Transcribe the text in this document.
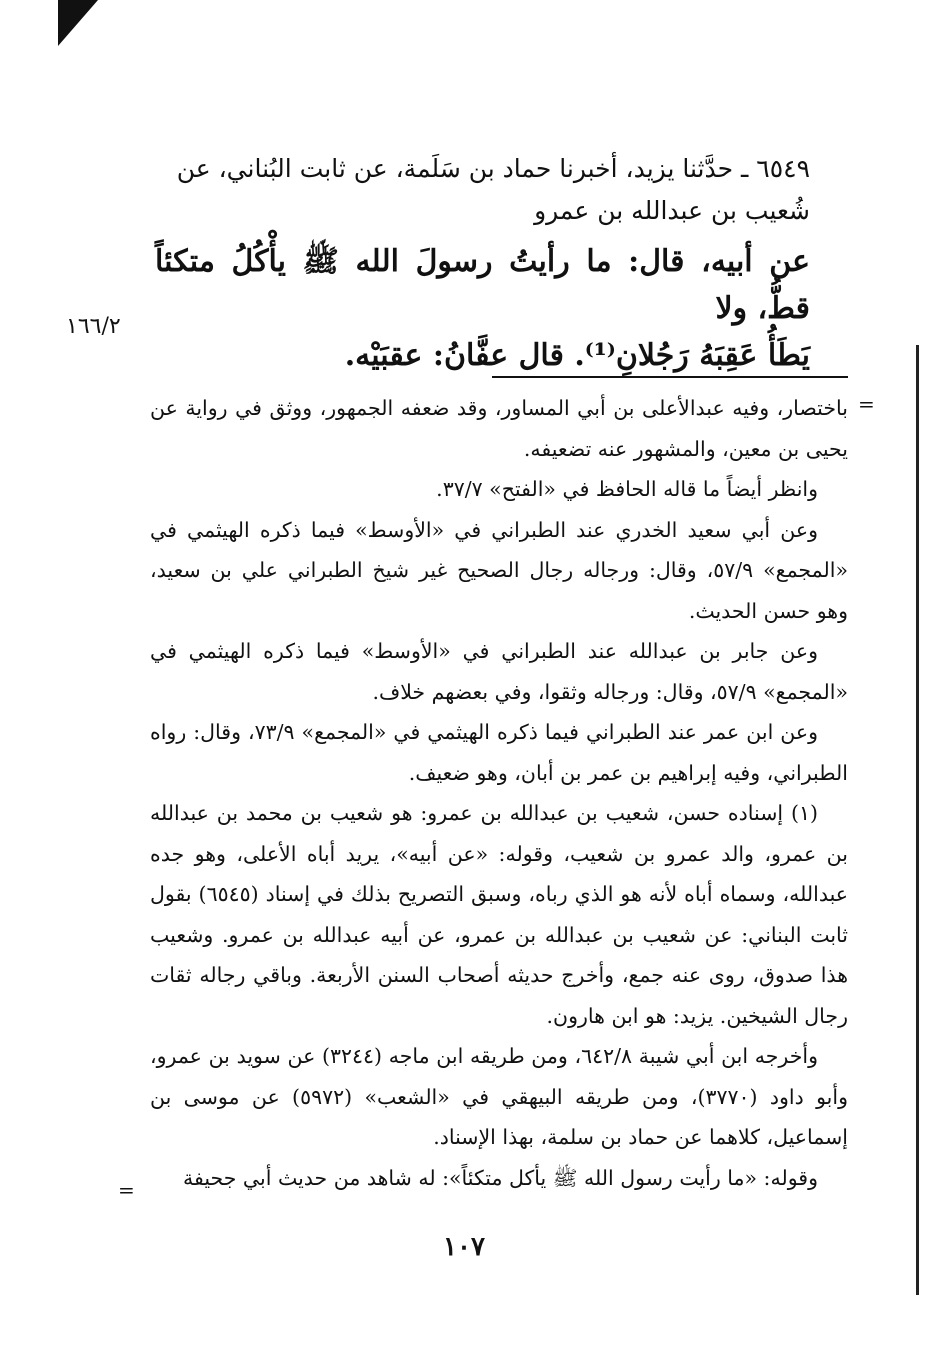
٦٥٤٩ ـ حدَّثنا يزيد، أخبرنا حماد بن سَلَمة، عن ثابت البُناني، عن
شُعيب بن عبدالله بن عمرو
عن أبيه، قال: ما رأيتُ رسولَ الله ﷺ يأْكُلُ متكئاً قطُّ، ولا
يَطَأُ عَقِبَهُ رَجُلانِ⁽¹⁾. قال عفَّانُ: عقبَيْه.
١٦٦/٢
=

باختصار، وفيه عبدالأعلى بن أبي المساور، وقد ضعفه الجمهور، ووثق في رواية عن يحيى بن معين، والمشهور عنه تضعيفه.

وانظر أيضاً ما قاله الحافظ في «الفتح» ٣٧/٧.

وعن أبي سعيد الخدري عند الطبراني في «الأوسط» فيما ذكره الهيثمي في «المجمع» ٥٧/٩، وقال: ورجاله رجال الصحيح غير شيخ الطبراني علي بن سعيد، وهو حسن الحديث.

وعن جابر بن عبدالله عند الطبراني في «الأوسط» فيما ذكره الهيثمي في «المجمع» ٥٧/٩، وقال: ورجاله وثقوا، وفي بعضهم خلاف.

وعن ابن عمر عند الطبراني فيما ذكره الهيثمي في «المجمع» ٧٣/٩، وقال: رواه الطبراني، وفيه إبراهيم بن عمر بن أبان، وهو ضعيف.

(١) إسناده حسن، شعيب بن عبدالله بن عمرو: هو شعيب بن محمد بن عبدالله بن عمرو، والد عمرو بن شعيب، وقوله: «عن أبيه»، يريد أباه الأعلى، وهو جده عبدالله، وسماه أباه لأنه هو الذي رباه، وسبق التصريح بذلك في إسناد (٦٥٤٥) بقول ثابت البناني: عن شعيب بن عبدالله بن عمرو، عن أبيه عبدالله بن عمرو. وشعيب هذا صدوق، روى عنه جمع، وأخرج حديثه أصحاب السنن الأربعة. وباقي رجاله ثقات رجال الشيخين. يزيد: هو ابن هارون.

وأخرجه ابن أبي شيبة ٦٤٢/٨، ومن طريقه ابن ماجه (٣٢٤٤) عن سويد بن عمرو، وأبو داود (٣٧٧٠)، ومن طريقه البيهقي في «الشعب» (٥٩٧٢) عن موسى بن إسماعيل، كلاهما عن حماد بن سلمة، بهذا الإسناد.

وقوله: «ما رأيت رسول الله ﷺ يأكل متكئاً»: له شاهد من حديث أبي جحيفة

=
١٠٧
